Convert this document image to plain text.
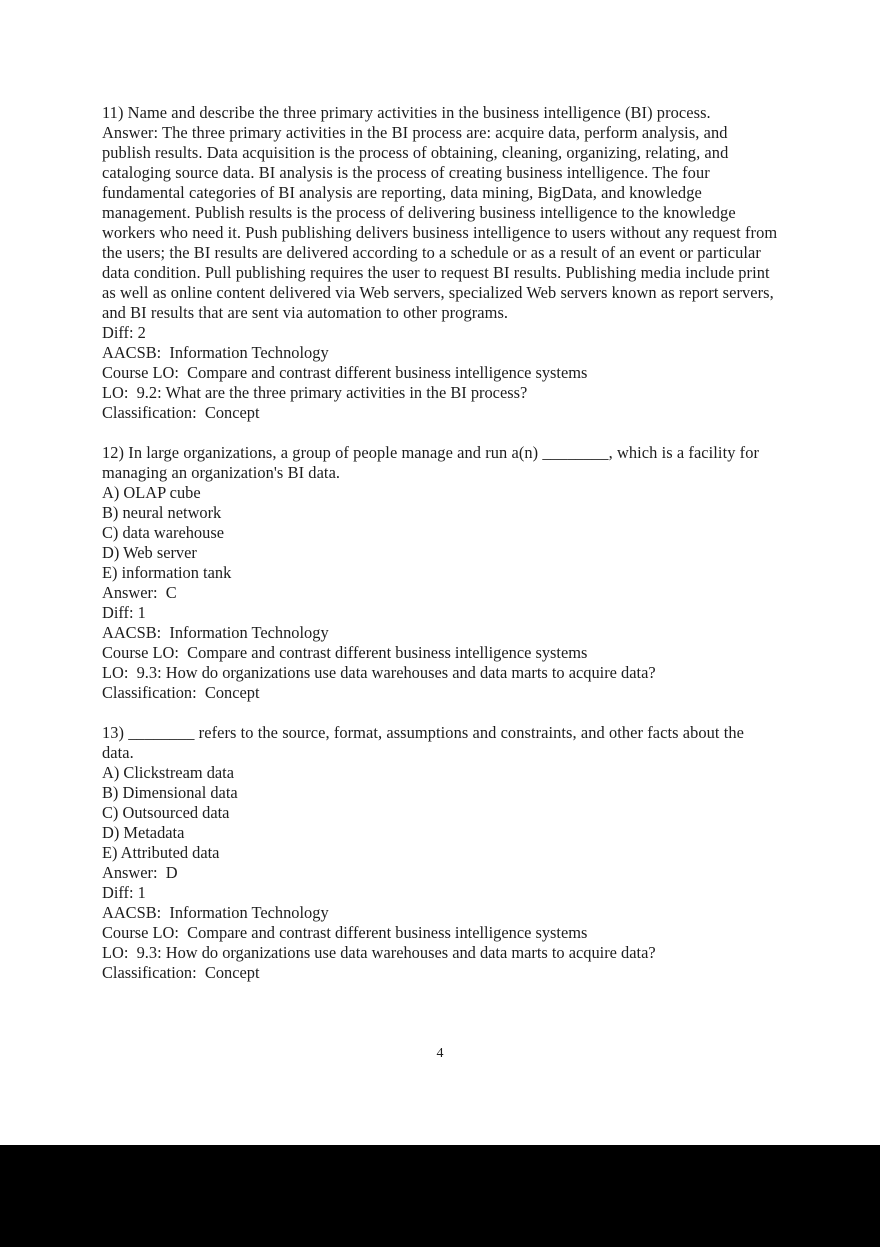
11) Name and describe the three primary activities in the business intelligence (BI) process.
Answer: The three primary activities in the BI process are: acquire data, perform analysis, and publish results. Data acquisition is the process of obtaining, cleaning, organizing, relating, and cataloging source data. BI analysis is the process of creating business intelligence. The four fundamental categories of BI analysis are reporting, data mining, BigData, and knowledge management. Publish results is the process of delivering business intelligence to the knowledge workers who need it. Push publishing delivers business intelligence to users without any request from the users; the BI results are delivered according to a schedule or as a result of an event or particular data condition. Pull publishing requires the user to request BI results. Publishing media include print as well as online content delivered via Web servers, specialized Web servers known as report servers, and BI results that are sent via automation to other programs.
Diff: 2
AACSB:  Information Technology
Course LO:  Compare and contrast different business intelligence systems
LO:  9.2: What are the three primary activities in the BI process?
Classification:  Concept
12) In large organizations, a group of people manage and run a(n) ________, which is a facility for managing an organization's BI data.
A) OLAP cube
B) neural network
C) data warehouse
D) Web server
E) information tank
Answer:  C
Diff: 1
AACSB:  Information Technology
Course LO:  Compare and contrast different business intelligence systems
LO:  9.3: How do organizations use data warehouses and data marts to acquire data?
Classification:  Concept
13) ________ refers to the source, format, assumptions and constraints, and other facts about the data.
A) Clickstream data
B) Dimensional data
C) Outsourced data
D) Metadata
E) Attributed data
Answer:  D
Diff: 1
AACSB:  Information Technology
Course LO:  Compare and contrast different business intelligence systems
LO:  9.3: How do organizations use data warehouses and data marts to acquire data?
Classification:  Concept
4
